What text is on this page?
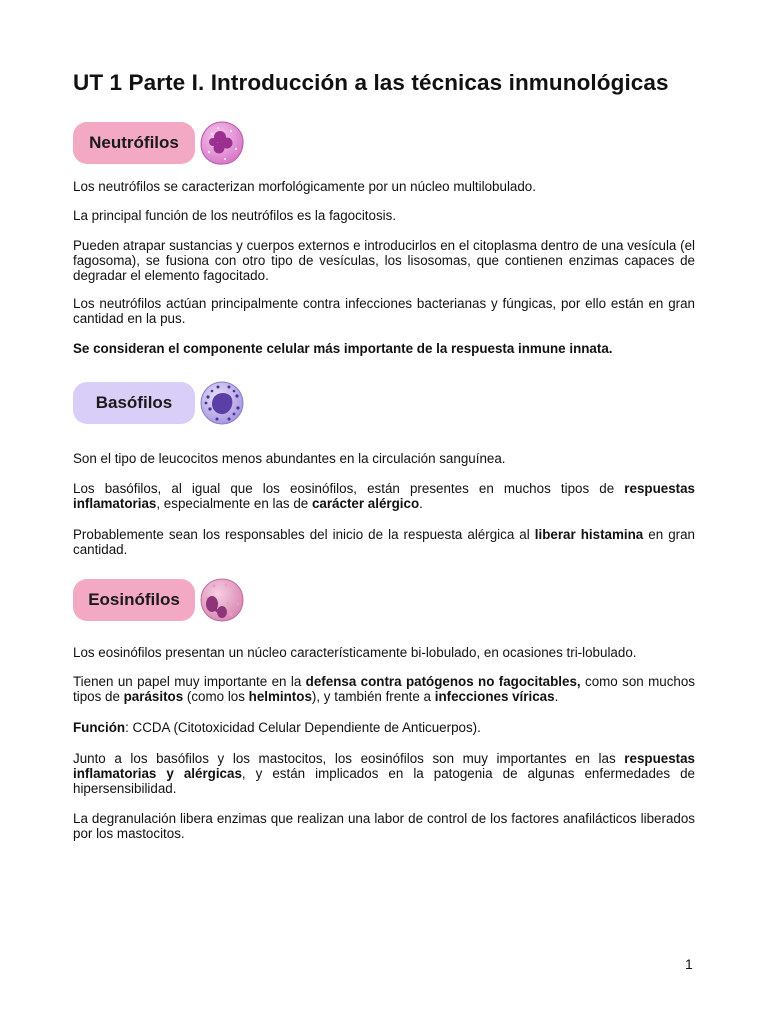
UT 1 Parte I. Introducción a las técnicas inmunológicas
Neutrófilos

Los neutrófilos se caracterizan morfológicamente por un núcleo multilobulado.

La principal función de los neutrófilos es la fagocitosis.

Pueden atrapar sustancias y cuerpos externos e introducirlos en el citoplasma dentro de una vesícula (el fagosoma), se fusiona con otro tipo de vesículas, los lisosomas, que contienen enzimas capaces de degradar el elemento fagocitado.

Los neutrófilos actúan principalmente contra infecciones bacterianas y fúngicas, por ello están en gran cantidad en la pus.

Se consideran el componente celular más importante de la respuesta inmune innata.

Basófilos

Son el tipo de leucocitos menos abundantes en la circulación sanguínea.

Los basófilos, al igual que los eosinófilos, están presentes en muchos tipos de respuestas inflamatorias, especialmente en las de carácter alérgico.

Probablemente sean los responsables del inicio de la respuesta alérgica al liberar histamina en gran cantidad.

Eosinófilos

Los eosinófilos presentan un núcleo característicamente bi-lobulado, en ocasiones tri-lobulado.

Tienen un papel muy importante en la defensa contra patógenos no fagocitables, como son muchos tipos de parásitos (como los helmintos), y también frente a infecciones víricas.

Función: CCDA (Citotoxicidad Celular Dependiente de Anticuerpos).

Junto a los basófilos y los mastocitos, los eosinófilos son muy importantes en las respuestas inflamatorias y alérgicas, y están implicados en la patogenia de algunas enfermedades de hipersensibilidad.

La degranulación libera enzimas que realizan una labor de control de los factores anafilácticos liberados por los mastocitos.

1
